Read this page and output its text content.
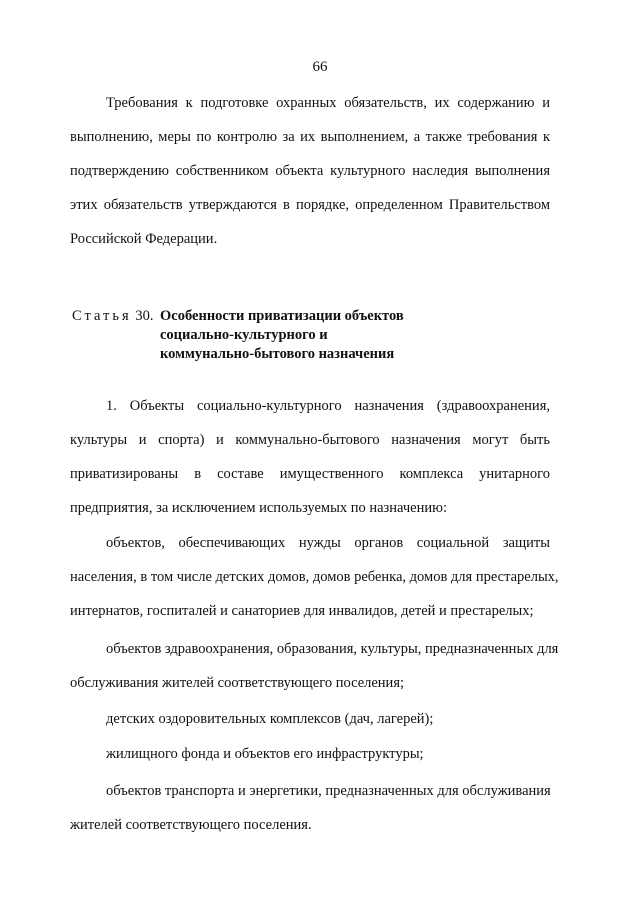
66
Требования к подготовке охранных обязательств, их содержанию и
выполнению, меры по контролю за их выполнением, а также требования к
подтверждению собственником объекта культурного наследия выполнения
этих обязательств утверждаются в порядке, определенном Правительством
Российской Федерации.
Статья 30. Особенности приватизации объектов
социально-культурного и
коммунально-бытового назначения
1. Объекты социально-культурного назначения (здравоохранения,
культуры и спорта) и коммунально-бытового назначения могут быть
приватизированы в составе имущественного комплекса унитарного
предприятия, за исключением используемых по назначению:
объектов, обеспечивающих нужды органов социальной защиты
населения, в том числе детских домов, домов ребенка, домов для престарелых,
интернатов, госпиталей и санаториев для инвалидов, детей и престарелых;
объектов здравоохранения, образования, культуры, предназначенных для
обслуживания жителей соответствующего поселения;
детских оздоровительных комплексов (дач, лагерей);
жилищного фонда и объектов его инфраструктуры;
объектов транспорта и энергетики, предназначенных для обслуживания
жителей соответствующего поселения.
